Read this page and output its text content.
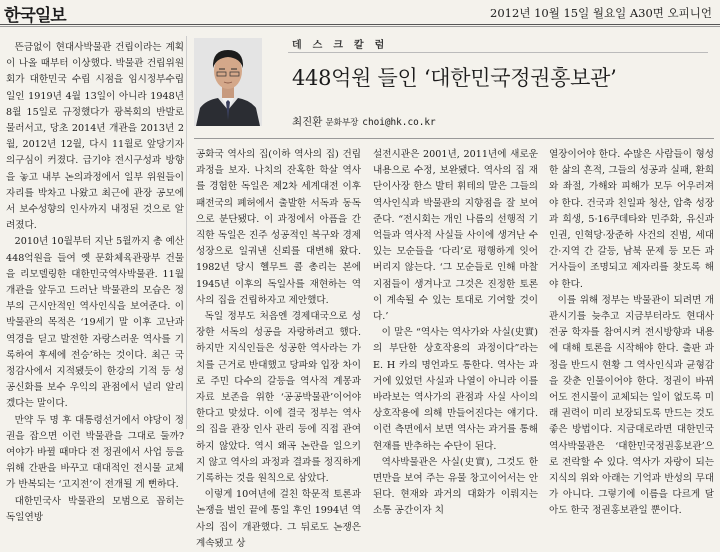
한국일보	2012년 10월 15일 월요일 A30면 오피니언

뜬금없이 현대사박물관 건립이라는 계획이 나올 때부터 이상했다. 박물관 건립위원회가 대한민국 수립 시점을 임시정부수립일인 1919년 4월 13일이 아니라 1948년 8월 15일로 규정했다가 광복회의 반발로 물러서고, 당초 2014년 개관을 2013년 2월, 2012년 12월, 다시 11월로 앞당기자 의구심이 커졌다. 급기야 전시구성과 방향을 놓고 내부 논의과정에서 일부 위원들이 자리를 박차고 나왔고 최근에 관장 공모에서 보수성향의 인사까지 내정된 것으로 알려졌다.

2010년 10월부터 지난 5월까지 총 예산 448억원을 들여 옛 문화체육관광부 건물을 리모델링한 대한민국역사박물관. 11월 개관을 앞두고 드러난 박물관의 모습은 정부의 근시안적인 역사인식을 보여준다. 이 박물관의 목적은 ‘19세기 말 이후 고난과 역경을 딛고 발전한 자랑스러운 역사를 기록하여 후세에 전승’하는 것이다. 최근 국정감사에서 지적됐듯이 한강의 기적 등 성공신화를 보수 우익의 관점에서 널리 알리겠다는 말이다.

만약 두 명 후 대통령선거에서 야당이 정권을 잡으면 이런 박물관을 그대로 둘까? 여야가 바뀔 때마다 전 정권에서 사업 등을 위해 간판을 바꾸고 대대적인 전시물 교체가 반복되는 ‘고지전’이 전개될 게 뻔하다.

대한민국사 박물관의 모범으로 꼽히는 독일연방

데스크칼럼
448억원 들인 ‘대한민국정권홍보관’
최진환 문화부장 choi@hk.co.kr

공화국 역사의 집(이하 역사의 집) 건립과정을 보자. 나치의 잔혹한 학살 역사를 경험한 독일은 제2차 세계대전 이후 패전국의 폐허에서 출발한 서독과 동독으로 분단됐다. 이 과정에서 아픔을 간직한 독일은 진주 성공적인 복구와 경제 성장으로 일궈낸 신뢰를 대변해 왔다. 1982년 당시 헬무트 콜 총리는 본에 1945년 이후의 독일사를 재현하는 역사의 집을 건립하자고 제안했다.

독일 정부도 처음엔 경제대국으로 성장한 서독의 성공을 자랑하려고 했다. 하지만 지식인들은 성공한 역사라는 가치를 근거로 반대했고 당파와 입장 차이로 주민 다수의 갈등을 역사적 계몽과 자료 보존을 위한 ‘공공박물관’이어야 한다고 맞섰다. 이에 결국 정부는 역사의 집을 관장 인사 관리 등에 직접 관여하지 않았다. 역시 왜곡 논란을 일으키지 않고 역사의 과정과 결과를 정직하게 기록하는 것을 원칙으로 삼았다.

이렇게 10여년에 걸친 학문적 토론과 논쟁을 벌인 끝에 통일 후인 1994년 역사의 집이 개관했다. 그 뒤로도 논쟁은 계속됐고 상

설전시관은 2001년, 2011년에 새로운 내용으로 수정, 보완됐다. 역사의 집 재단이사장 한스 발터 휘테의 말은 그들의 역사인식과 박물관의 지향점을 잘 보여 준다. “전시회는 개인 나름의 선행적 기억들과 역사적 사실들 사이에 생겨난 수 있는 모순들을 ‘다리’로 평행하게 잇어 버리지 않는다. ‘그 모순들로 인해 마찰지점들이 생겨나고 그것은 진정한 토론이 계속될 수 있는 토대로 기여할 것이다.’

이 말은 “역사는 역사가와 사실(史實)의 부단한 상호작용의 과정이다”라는 E. H 카의 명언과도 통한다. 역사는 과거에 있었던 사실과 나열이 아니라 이를 바라보는 역사가의 관점과 사실 사이의 상호작용에 의해 만들어진다는 얘기다. 이런 측면에서 보면 역사는 과거를 통해 현재를 반추하는 수단이 된다.

역사박물관은 사실(史實), 그것도 한 면만을 보여 주는 유물 창고이어서는 안 된다. 현재와 과거의 대화가 이뤄지는 소통 공간이자 치

열장이어야 한다. 수많은 사람들이 형성한 삶의 흔적, 그들의 성공과 실패, 환희와 좌절, 가해와 피해가 모두 어우러져야 한다. 건국과 친일파 청산, 압축 성장과 희생, 5·16쿠데타와 민주화, 유신과 인권, 인혁당·장준하 사건의 진범, 세대 간·지역 간 갈등, 남북 문제 등 모든 과거사들이 조명되고 제자리를 찾도록 해야 한다.

이를 위해 정부는 박물관이 되려면 개관시기를 늦추고 지금부터라도 현대사 전공 학자를 참여시켜 전시방향과 내용에 대해 토론을 시작해야 한다. 출판 과정을 반드시 현황 그 역사인식과 균형감을 갖춘 인물이어야 한다. 정권이 바뀌어도 전시물이 교체되는 일이 없도록 미래 권력이 미리 보장되도록 만드는 것도 좋은 방법이다. 지금대로라면 대한민국역사박물관은 ‘대한민국정권홍보관’으로 전락할 수 있다. 역사가 자랑이 되는 지식의 위와 아래는 기억과 반성의 무대가 아니다. 그렇기에 이름을 다르게 달아도 한국 정권홍보관일 뿐이다.
